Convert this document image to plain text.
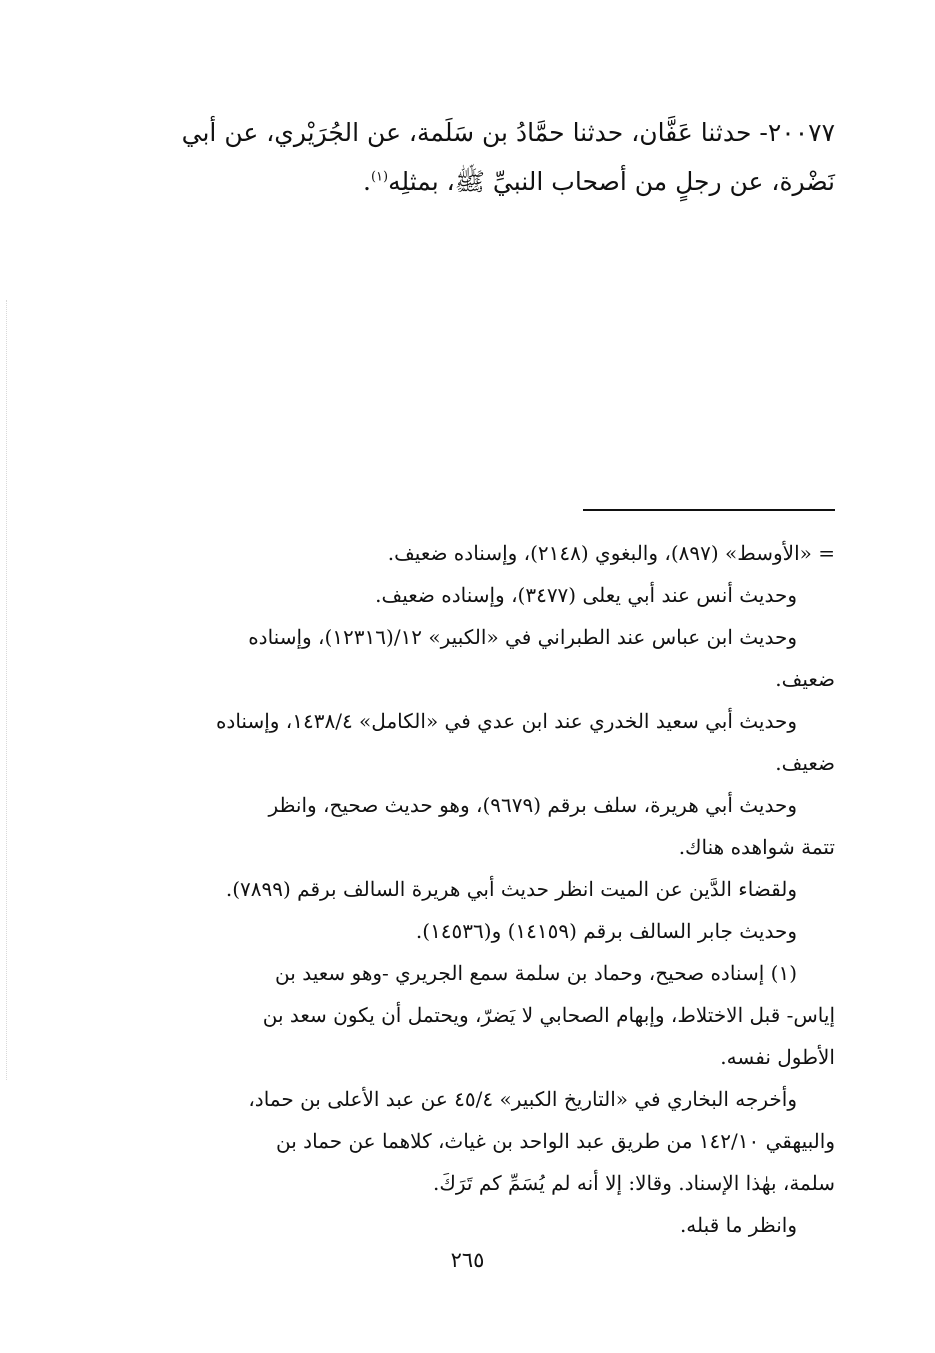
٢٠٠٧٧- حدثنا عَفَّان، حدثنا حمَّادُ بن سَلَمة، عن الجُرَيْري، عن أبي
نَضْرة، عن رجلٍ من أصحاب النبيِّ ﷺ، بمثلِه$^{(١)}$.

= «الأوسط» (٨٩٧)، والبغوي (٢١٤٨)، وإسناده ضعيف.

وحديث أنس عند أبي يعلى (٣٤٧٧)، وإسناده ضعيف.

وحديث ابن عباس عند الطبراني في «الكبير» ١٢/(١٢٣١٦)، وإسناده

ضعيف.

وحديث أبي سعيد الخدري عند ابن عدي في «الكامل» ١٤٣٨/٤، وإسناده

ضعيف.

وحديث أبي هريرة، سلف برقم (٩٦٧٩)، وهو حديث صحيح، وانظر

تتمة شواهده هناك.

ولقضاء الدَّين عن الميت انظر حديث أبي هريرة السالف برقم (٧٨٩٩).

وحديث جابر السالف برقم (١٤١٥٩) و(١٤٥٣٦).

(١) إسناده صحيح، وحماد بن سلمة سمع الجريري -وهو سعيد بن

إياس- قبل الاختلاط، وإبهام الصحابي لا يَضرّ، ويحتمل أن يكون سعد بن

الأطول نفسه.

وأخرجه البخاري في «التاريخ الكبير» ٤٥/٤ عن عبد الأعلى بن حماد،

والبيهقي ١٤٢/١٠ من طريق عبد الواحد بن غياث، كلاهما عن حماد بن

سلمة، بهٰذا الإسناد. وقالا: إلا أنه لم يُسَمِّ كم تَرَكَ.

وانظر ما قبله.

٢٦٥
